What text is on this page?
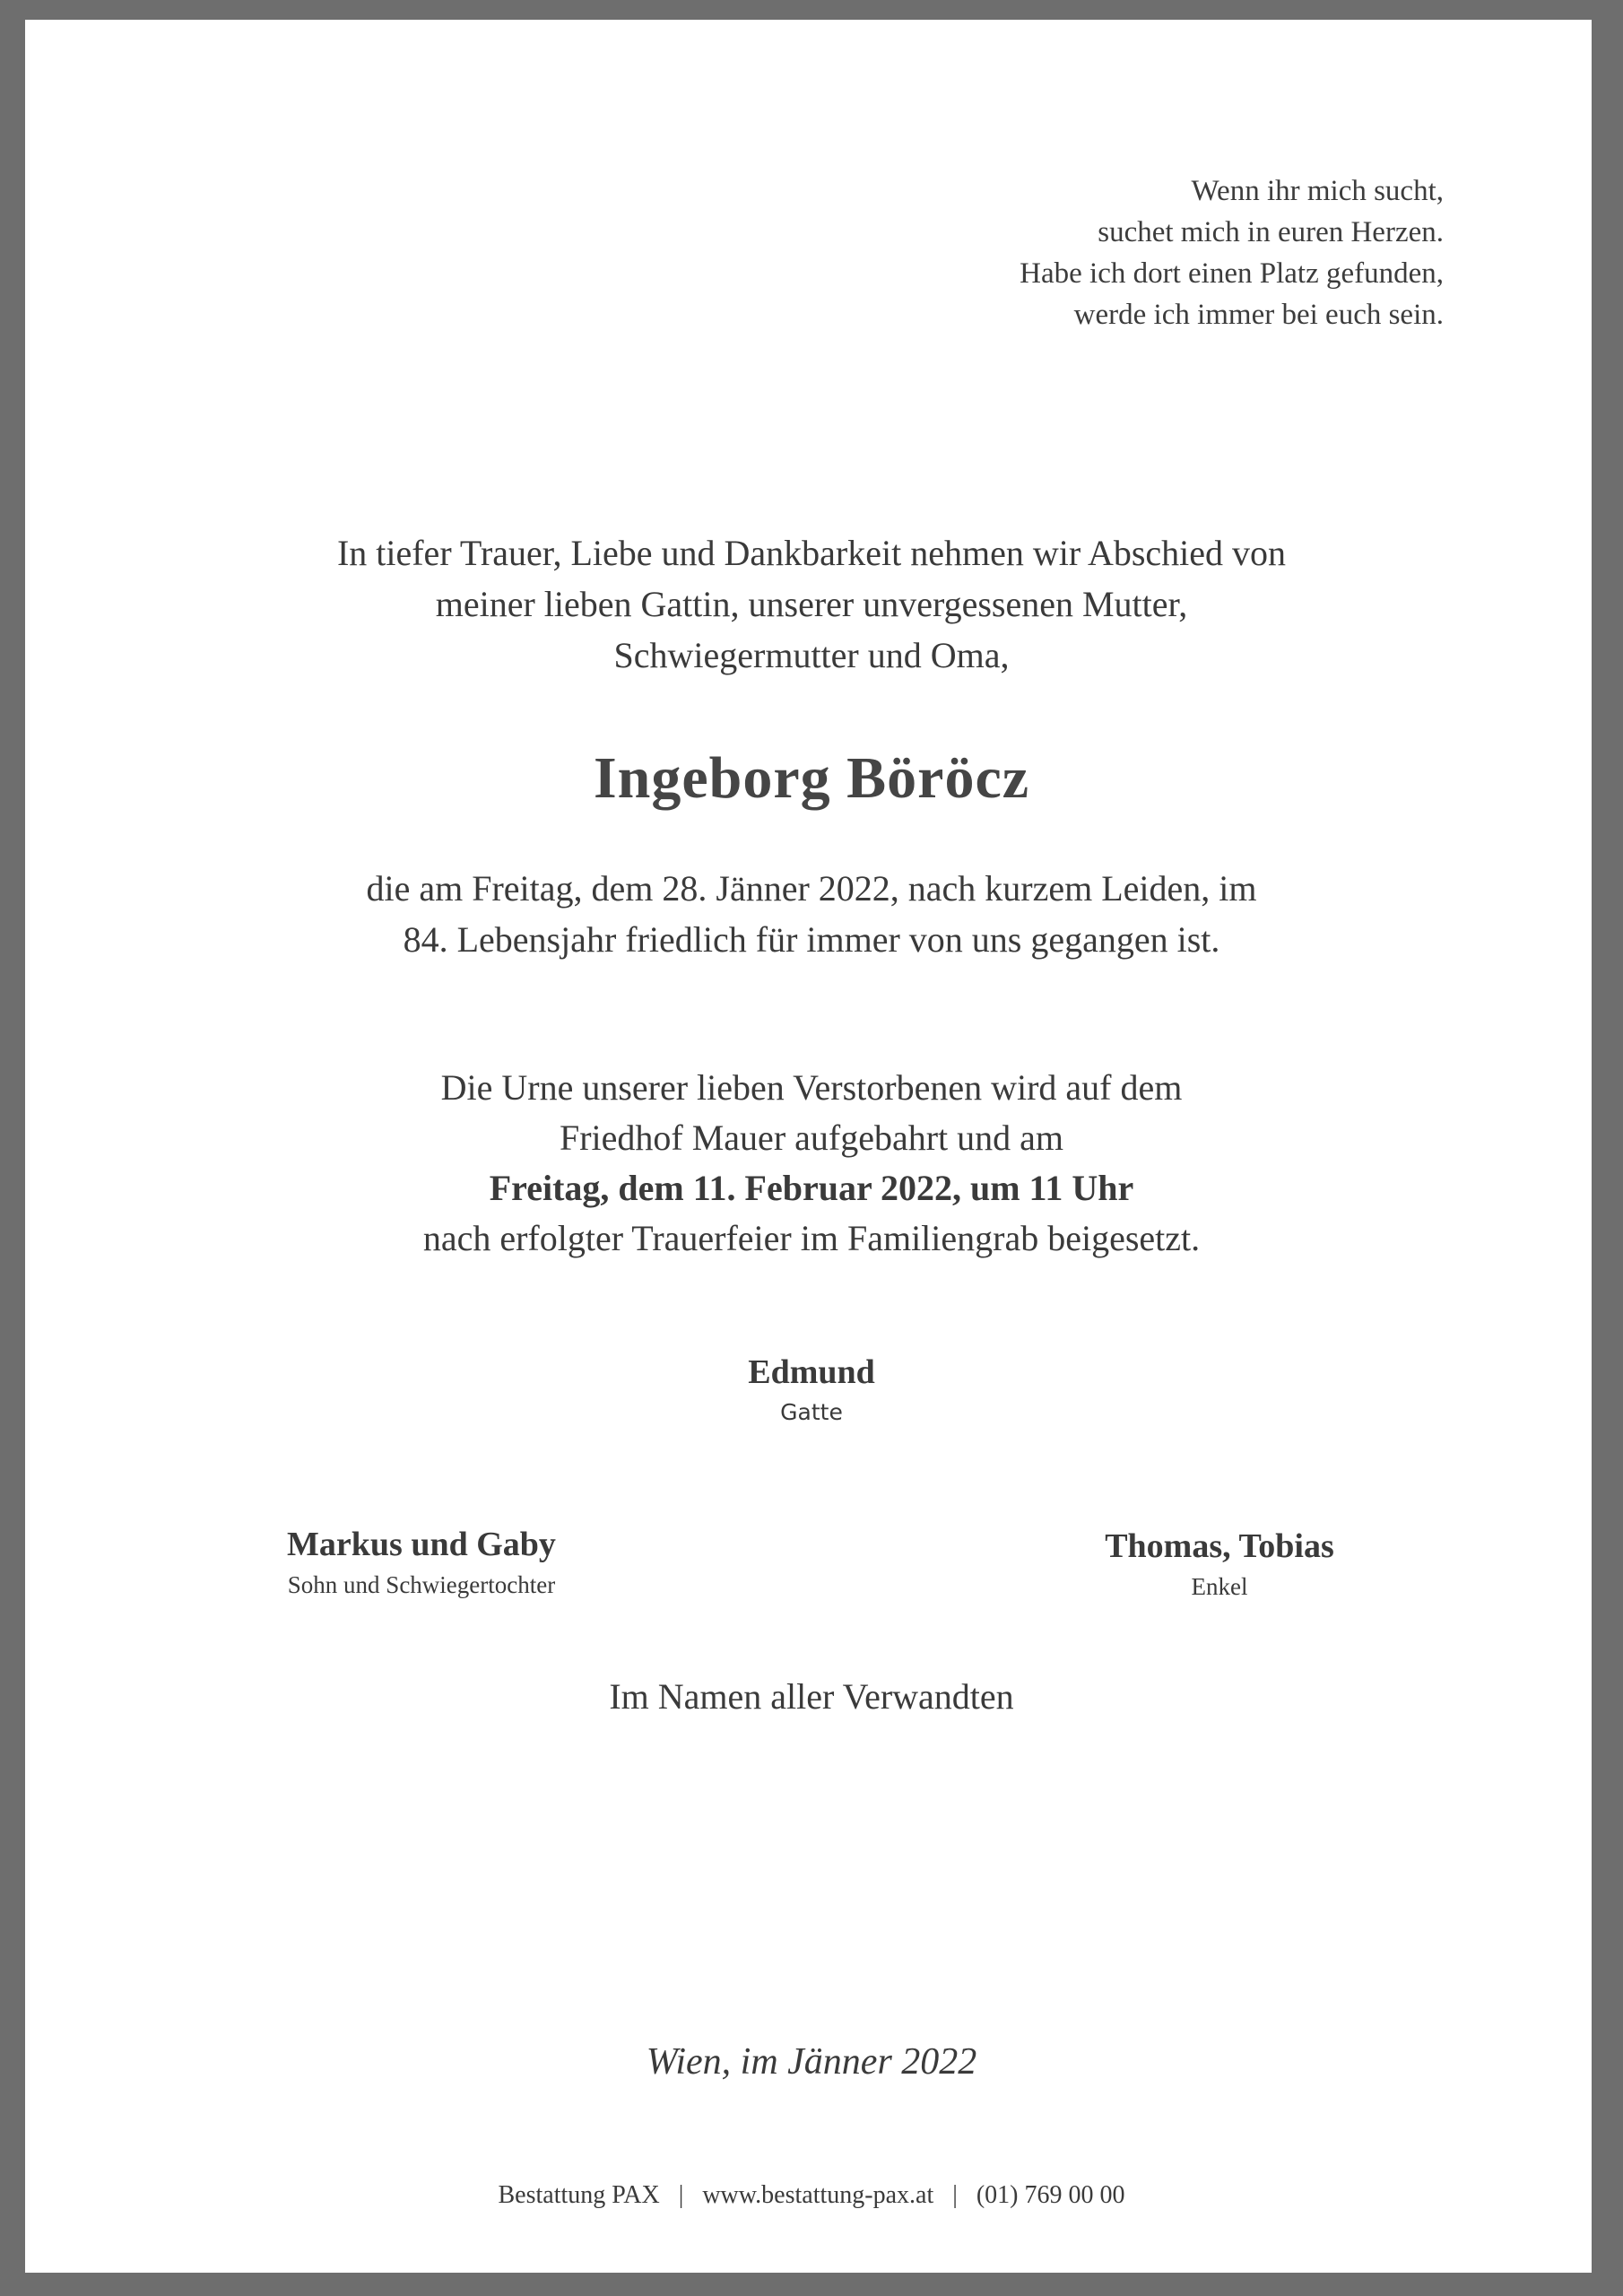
Wenn ihr mich sucht,
suchet mich in euren Herzen.
Habe ich dort einen Platz gefunden,
werde ich immer bei euch sein.
In tiefer Trauer, Liebe und Dankbarkeit nehmen wir Abschied von
meiner lieben Gattin, unserer unvergessenen Mutter,
Schwiegermutter und Oma,
Ingeborg Böröcz
die am Freitag, dem 28. Jänner 2022, nach kurzem Leiden, im
84. Lebensjahr friedlich für immer von uns gegangen ist.
Die Urne unserer lieben Verstorbenen wird auf dem
Friedhof Mauer aufgebahrt und am
Freitag, dem 11. Februar 2022, um 11 Uhr
nach erfolgter Trauerfeier im Familiengrab beigesetzt.
Edmund
Gatte
Markus und Gaby
Sohn und Schwiegertochter
Thomas, Tobias
Enkel
Im Namen aller Verwandten
Wien, im Jänner 2022
Bestattung PAX | www.bestattung-pax.at | (01) 769 00 00
